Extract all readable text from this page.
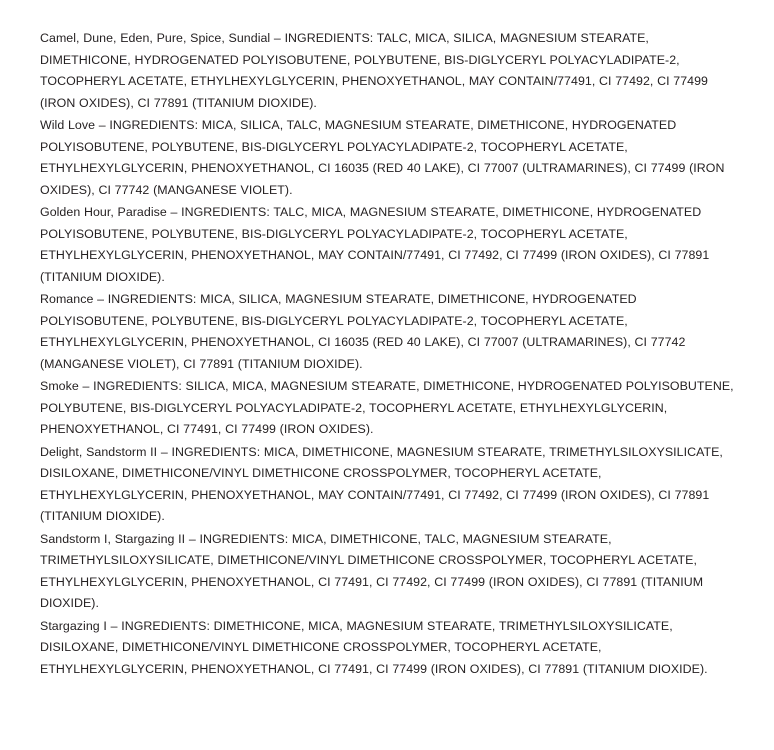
Camel, Dune, Eden, Pure, Spice, Sundial – INGREDIENTS: TALC, MICA, SILICA, MAGNESIUM STEARATE, DIMETHICONE, HYDROGENATED POLYISOBUTENE, POLYBUTENE, BIS-DIGLYCERYL POLYACYLADIPATE-2, TOCOPHERYL ACETATE, ETHYLHEXYLGLYCERIN, PHENOXYETHANOL, MAY CONTAIN/77491, CI 77492, CI 77499 (IRON OXIDES), CI 77891 (TITANIUM DIOXIDE).

Wild Love – INGREDIENTS: MICA, SILICA, TALC, MAGNESIUM STEARATE, DIMETHICONE, HYDROGENATED POLYISOBUTENE, POLYBUTENE, BIS-DIGLYCERYL POLYACYLADIPATE-2, TOCOPHERYL ACETATE, ETHYLHEXYLGLYCERIN, PHENOXYETHANOL, CI 16035 (RED 40 LAKE), CI 77007 (ULTRAMARINES), CI 77499 (IRON OXIDES), CI 77742 (MANGANESE VIOLET).

Golden Hour, Paradise – INGREDIENTS: TALC, MICA, MAGNESIUM STEARATE, DIMETHICONE, HYDROGENATED POLYISOBUTENE, POLYBUTENE, BIS-DIGLYCERYL POLYACYLADIPATE-2, TOCOPHERYL ACETATE, ETHYLHEXYLGLYCERIN, PHENOXYETHANOL, MAY CONTAIN/77491, CI 77492, CI 77499 (IRON OXIDES), CI 77891 (TITANIUM DIOXIDE).

Romance – INGREDIENTS: MICA, SILICA, MAGNESIUM STEARATE, DIMETHICONE, HYDROGENATED POLYISOBUTENE, POLYBUTENE, BIS-DIGLYCERYL POLYACYLADIPATE-2, TOCOPHERYL ACETATE, ETHYLHEXYLGLYCERIN, PHENOXYETHANOL, CI 16035 (RED 40 LAKE), CI 77007 (ULTRAMARINES), CI 77742 (MANGANESE VIOLET), CI 77891 (TITANIUM DIOXIDE).

Smoke – INGREDIENTS: SILICA, MICA, MAGNESIUM STEARATE, DIMETHICONE, HYDROGENATED POLYISOBUTENE, POLYBUTENE, BIS-DIGLYCERYL POLYACYLADIPATE-2, TOCOPHERYL ACETATE, ETHYLHEXYLGLYCERIN, PHENOXYETHANOL, CI 77491, CI 77499 (IRON OXIDES).

Delight, Sandstorm II – INGREDIENTS: MICA, DIMETHICONE, MAGNESIUM STEARATE, TRIMETHYLSILOXYSILICATE, DISILOXANE, DIMETHICONE/VINYL DIMETHICONE CROSSPOLYMER, TOCOPHERYL ACETATE, ETHYLHEXYLGLYCERIN, PHENOXYETHANOL, MAY CONTAIN/77491, CI 77492, CI 77499 (IRON OXIDES), CI 77891 (TITANIUM DIOXIDE).

Sandstorm I, Stargazing II – INGREDIENTS: MICA, DIMETHICONE, TALC, MAGNESIUM STEARATE, TRIMETHYLSILOXYSILICATE, DIMETHICONE/VINYL DIMETHICONE CROSSPOLYMER, TOCOPHERYL ACETATE, ETHYLHEXYLGLYCERIN, PHENOXYETHANOL, CI 77491, CI 77492, CI 77499 (IRON OXIDES), CI 77891 (TITANIUM DIOXIDE).

Stargazing I – INGREDIENTS: DIMETHICONE, MICA, MAGNESIUM STEARATE, TRIMETHYLSILOXYSILICATE, DISILOXANE, DIMETHICONE/VINYL DIMETHICONE CROSSPOLYMER, TOCOPHERYL ACETATE, ETHYLHEXYLGLYCERIN, PHENOXYETHANOL, CI 77491, CI 77499 (IRON OXIDES), CI 77891 (TITANIUM DIOXIDE).
